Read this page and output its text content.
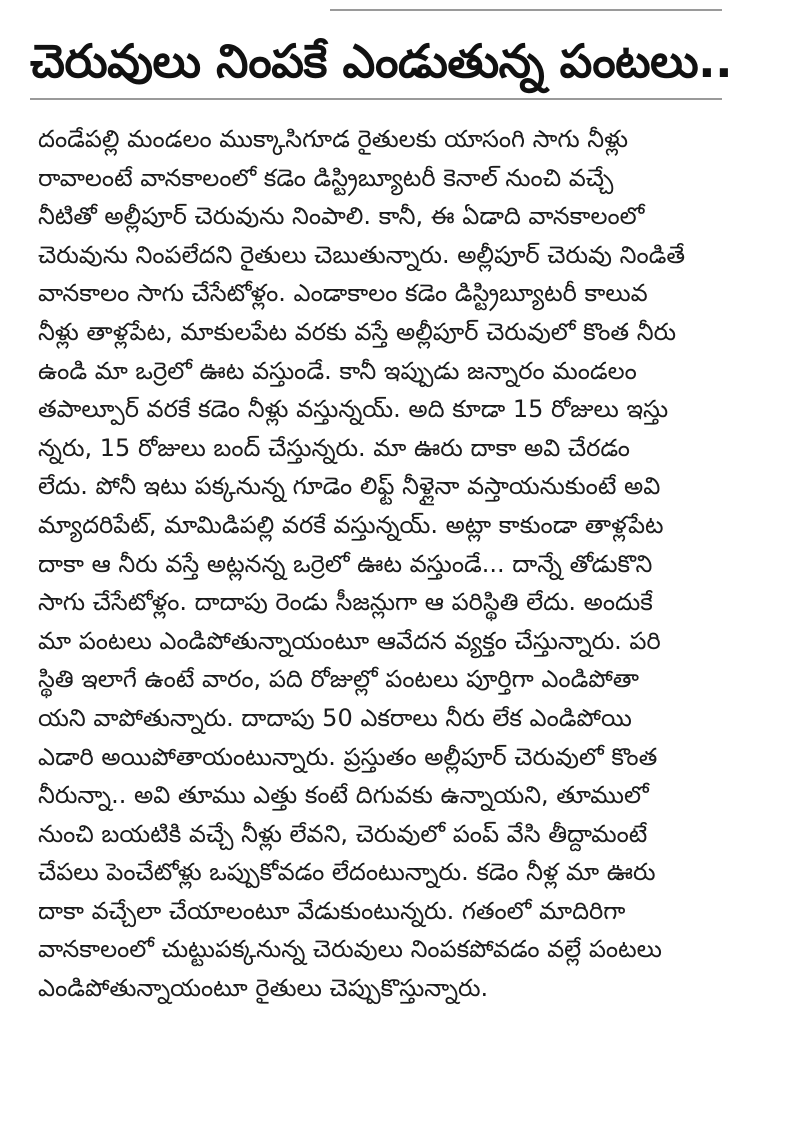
చెరువులు నింపకే ఎండుతున్న పంటలు..
దండేపల్లి మండలం ముక్కాసిగూడ రైతులకు యాసంగి సాగు నీళ్లు
రావాలంటే వానకాలంలో కడెం డిస్ట్రిబ్యూటరీ కెనాల్ నుంచి వచ్చే
నీటితో అల్లీపూర్ చెరువును నింపాలి. కానీ, ఈ ఏడాది వానకాలంలో
చెరువును నింపలేదని రైతులు చెబుతున్నారు. అల్లీపూర్ చెరువు నిండితే
వానకాలం సాగు చేసేటోళ్లం. ఎండాకాలం కడెం డిస్ట్రిబ్యూటరీ కాలువ
నీళ్లు తాళ్లపేట, మాకులపేట వరకు వస్తే అల్లీపూర్ చెరువులో కొంత నీరు
ఉండి మా ఒర్రెలో ఊట వస్తుండే. కానీ ఇప్పుడు జన్నారం మండలం
తపాల్పూర్ వరకే కడెం నీళ్లు వస్తున్నయ్. అది కూడా 15 రోజులు ఇస్తు
న్నరు, 15 రోజులు బంద్ చేస్తున్నరు. మా ఊరు దాకా అవి చేరడం
లేదు. పోనీ ఇటు పక్కనున్న గూడెం లిఫ్ట్ నీళ్లైనా వస్తాయనుకుంటే అవి
మ్యాదరిపేట్, మామిడిపల్లి వరకే వస్తున్నయ్. అట్లా కాకుండా తాళ్లపేట
దాకా ఆ నీరు వస్తే అట్లనన్న ఒర్రెలో ఊట వస్తుండే... దాన్నే తోడుకొని
సాగు చేసేటోళ్లం. దాదాపు రెండు సీజన్లుగా ఆ పరిస్థితి లేదు. అందుకే
మా పంటలు ఎండిపోతున్నాయంటూ ఆవేదన వ్యక్తం చేస్తున్నారు. పరి
స్థితి ఇలాగే ఉంటే వారం, పది రోజుల్లో పంటలు పూర్తిగా ఎండిపోతా
యని వాపోతున్నారు. దాదాపు 50 ఎకరాలు నీరు లేక ఎండిపోయి
ఎడారి అయిపోతాయంటున్నారు. ప్రస్తుతం అల్లీపూర్ చెరువులో కొంత
నీరున్నా.. అవి తూము ఎత్తు కంటే దిగువకు ఉన్నాయని, తూములో
నుంచి బయటికి వచ్చే నీళ్లు లేవని, చెరువులో పంప్ వేసి తీద్దామంటే
చేపలు పెంచేటోళ్లు ఒప్పుకోవడం లేదంటున్నారు. కడెం నీళ్ల మా ఊరు
దాకా వచ్చేలా చేయాలంటూ వేడుకుంటున్నరు. గతంలో మాదిరిగా
వానకాలంలో చుట్టుపక్కనున్న చెరువులు నింపకపోవడం వల్లే పంటలు
ఎండిపోతున్నాయంటూ రైతులు చెప్పుకొస్తున్నారు.
